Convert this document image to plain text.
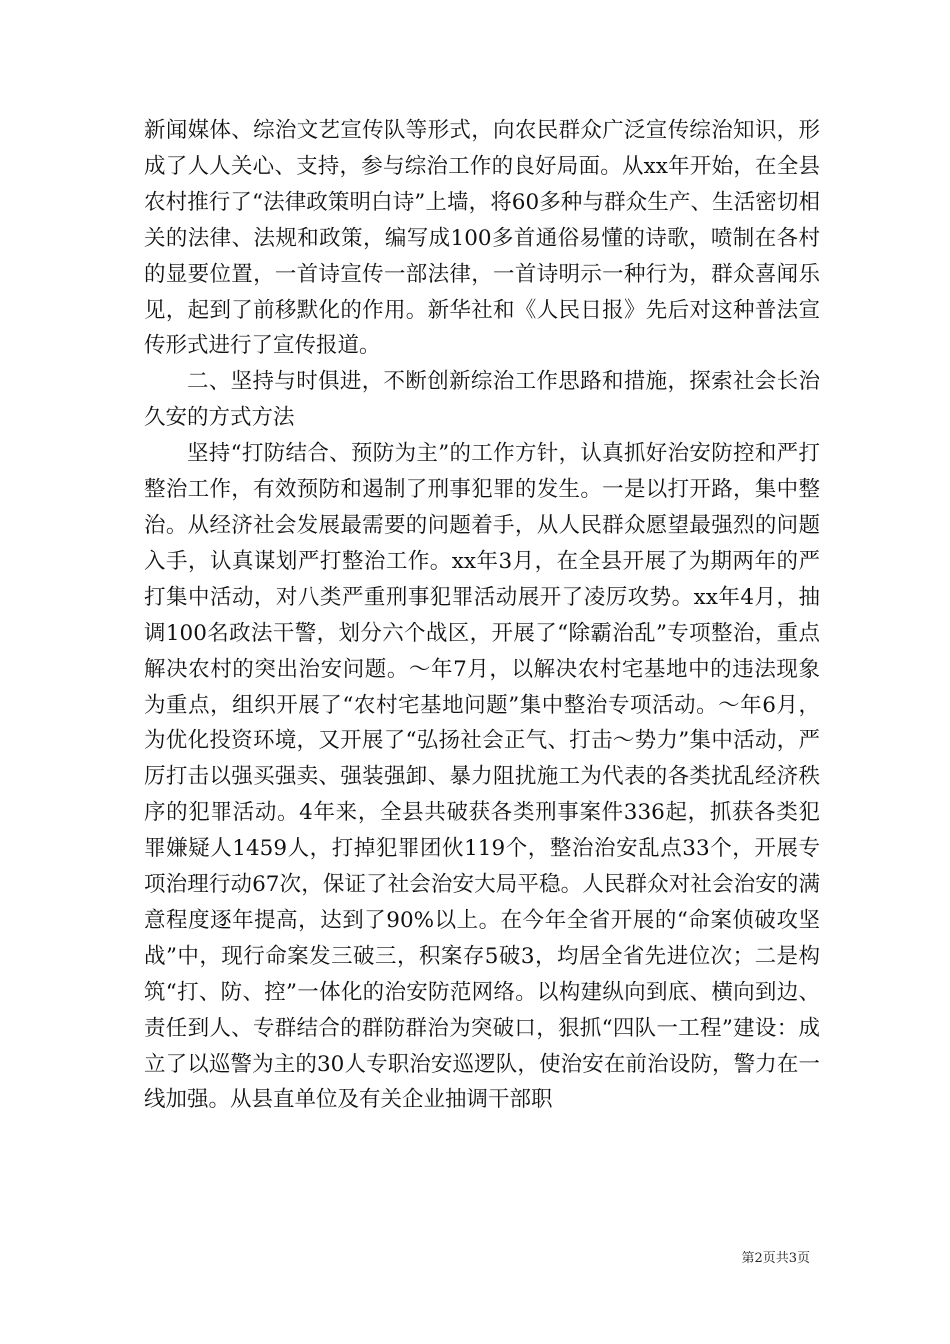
新闻媒体、综治文艺宣传队等形式，向农民群众广泛宣传综治知识，形成了人人关心、支持，参与综治工作的良好局面。从xx年开始，在全县农村推行了“法律政策明白诗”上墙，将60多种与群众生产、生活密切相关的法律、法规和政策，编写成100多首通俗易懂的诗歌，喷制在各村的显要位置，一首诗宣传一部法律，一首诗明示一种行为，群众喜闻乐见，起到了前移默化的作用。新华社和《人民日报》先后对这种普法宣传形式进行了宣传报道。

二、坚持与时俱进，不断创新综治工作思路和措施，探索社会长治久安的方式方法

坚持“打防结合、预防为主”的工作方针，认真抓好治安防控和严打整治工作，有效预防和遏制了刑事犯罪的发生。一是以打开路，集中整治。从经济社会发展最需要的问题着手，从人民群众愿望最强烈的问题入手，认真谋划严打整治工作。xx年3月，在全县开展了为期两年的严打集中活动，对八类严重刑事犯罪活动展开了凌厉攻势。xx年4月，抽调100名政法干警，划分六个战区，开展了“除霸治乱”专项整治，重点解决农村的突出治安问题。～年7月，以解决农村宅基地中的违法现象为重点，组织开展了“农村宅基地问题”集中整治专项活动。～年6月，为优化投资环境，又开展了“弘扬社会正气、打击～势力”集中活动，严厉打击以强买强卖、强装强卸、暴力阻扰施工为代表的各类扰乱经济秩序的犯罪活动。4年来，全县共破获各类刑事案件336起，抓获各类犯罪嫌疑人1459人，打掉犯罪团伙119个，整治治安乱点33个，开展专项治理行动67次，保证了社会治安大局平稳。人民群众对社会治安的满意程度逐年提高，达到了90%以上。在今年全省开展的“命案侦破攻坚战”中，现行命案发三破三，积案存5破3，均居全省先进位次；二是构筑“打、防、控”一体化的治安防范网络。以构建纵向到底、横向到边、责任到人、专群结合的群防群治为突破口，狠抓“四队一工程”建设：成立了以巡警为主的30人专职治安巡逻队，使治安在前治设防，警力在一线加强。从县直单位及有关企业抽调干部职

第2页共3页
